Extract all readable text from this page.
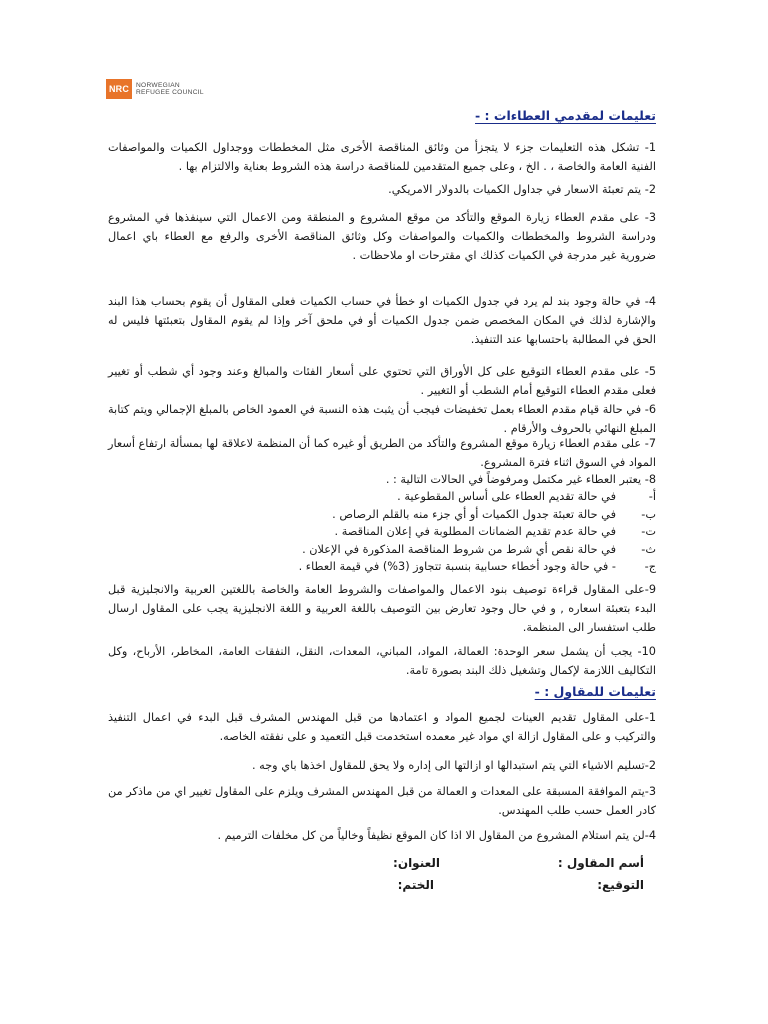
NRC	NORWEGIAN
REFUGEE COUNCIL
تعليمات لمقدمي العطاءات : -
1- تشكل هذه التعليمات جزء لا يتجزأ من وثائق المناقصة الأخرى مثل المخططات ووجداول الكميات والمواصفات الفنية العامة والخاصة ، . الخ ، وعلى جميع المتقدمين للمناقصة دراسة هذه الشروط بعناية والالتزام بها .
2- يتم تعبئة الاسعار في جداول الكميات بالدولار الامريكي.
3- على مقدم العطاء زيارة الموقع والتأكد من موقع المشروع و المنطقة ومن الاعمال التي سينفذها في المشروع ودراسة الشروط والمخططات والكميات والمواصفات وكل وثائق المناقصة الأخرى والرفع مع العطاء باي اعمال ضرورية غير مدرجة في الكميات كذلك اي مقترحات او ملاحظات .
4- في حالة وجود بند لم يرد في جدول الكميات او خطأ في حساب الكميات فعلى المقاول أن يقوم بحساب هذا البند والإشارة لذلك في المكان المخصص ضمن جدول الكميات أو في ملحق آخر وإذا لم يقوم المقاول بتعبئتها فليس له الحق في المطالبة باحتسابها عند التنفيذ.
5- على مقدم العطاء التوقيع على كل الأوراق التي تحتوي على أسعار الفئات والمبالغ وعند وجود أي شطب أو تغيير فعلى مقدم العطاء التوقيع أمام الشطب أو التغيير .
6- في حالة قيام مقدم العطاء بعمل تخفيضات فيجب أن يثبت هذه النسبة في العمود الخاص بالمبلغ الإجمالي ويتم كتابة المبلغ النهائي بالحروف والأرقام .
7- على مقدم العطاء زيارة موقع المشروع والتأكد من الطريق أو غيره كما أن المنظمة لاعلاقة لها بمسألة ارتفاع أسعار المواد في السوق اثناء فترة المشروع.
8- يعتبر العطاء غير مكتمل ومرفوضاً في الحالات التالية : .
أ-
في حالة تقديم العطاء على أساس المقطوعية .
ب-
في حالة تعبئة جدول الكميات أو أي جزء منه بالقلم الرصاص .
ت-
في حالة عدم تقديم الضمانات المطلوبة في إعلان المناقصة .
ث-
في حالة نقص أي شرط من شروط المناقصة المذكورة في الإعلان .
ج-
- في حالة وجود أخطاء حسابية بنسبة تتجاوز (3%) في قيمة العطاء .
9-على المقاول قراءة توصيف بنود الاعمال والمواصفات والشروط العامة والخاصة باللغتين العربية والانجليزية قبل البدء بتعبئة اسعاره , و في حال وجود تعارض بين التوصيف باللغة العربية و اللغة الانجليزية يجب على المقاول ارسال طلب استفسار الى المنظمة.
10- يجب أن يشمل سعر الوحدة: العمالة، المواد، المباني، المعدات، النقل، النفقات العامة، المخاطر، الأرباح، وكل التكاليف اللازمة لإكمال وتشغيل ذلك البند بصورة تامة.
تعليمات للمقاول : -
1-على المقاول تقديم العينات لجميع المواد و اعتمادها من قبل المهندس المشرف قبل البدء في اعمال التنفيذ والتركيب و على المقاول ازالة اي مواد غير معمده استخدمت قبل التعميد و على نفقته الخاصه.
2-تسليم الاشياء التي يتم استبدالها او ازالتها الى إداره ولا يحق للمقاول اخذها باي وجه .
3-يتم الموافقة المسبقة على المعدات و العمالة من قبل المهندس المشرف ويلزم على المقاول تغيير اي من ماذكر من كادر العمل حسب طلب المهندس.
4-لن يتم استلام المشروع من المقاول الا اذا كان الموقع نظيفاً وخالياً من كل مخلفات الترميم .
أسم المقاول :
العنوان:
التوقيع:
الختم:
